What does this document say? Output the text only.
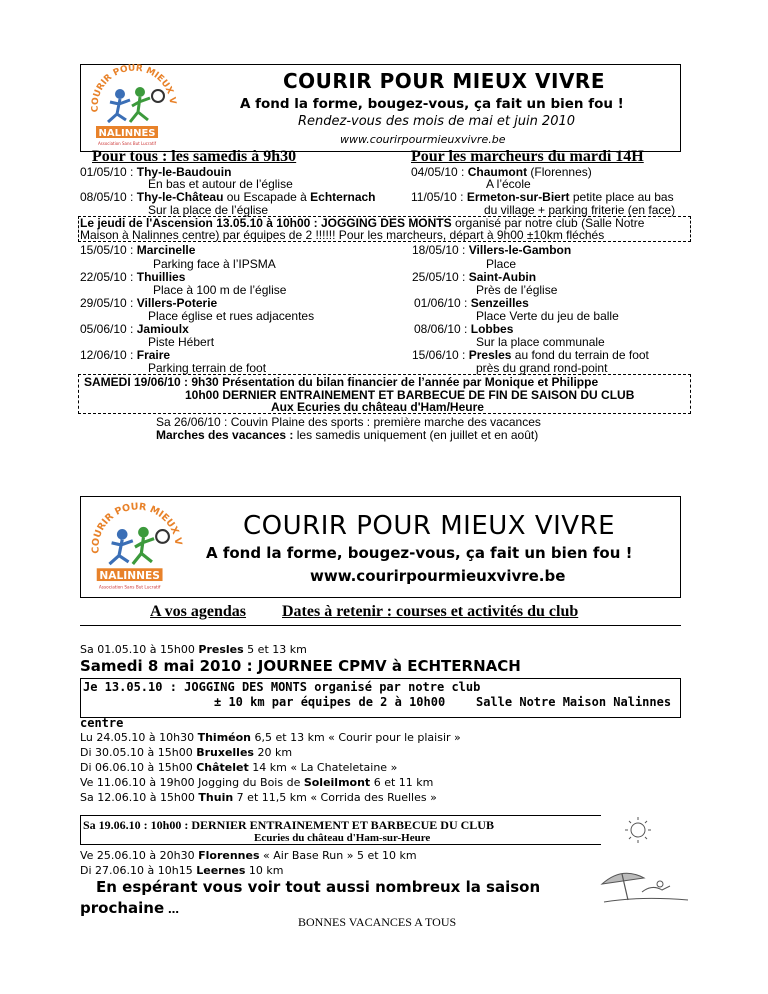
COURIR POUR MIEUX V
NALINNES
Association Sans But Lucratif
COURIR POUR MIEUX VIVRE
A fond la forme, bougez-vous, ça fait un bien fou !
Rendez-vous des mois de mai et juin 2010
www.courirpourmieuxvivre.be
Pour tous : les samedis à 9h30	Pour les marcheurs du mardi 14H
01/05/10 : Thy-le-Baudouin
En bas et autour de l’église
08/05/10 : Thy-le-Château ou Escapade à Echternach
Sur la place de l’église
04/05/10 : Chaumont (Florennes)
A l’école
11/05/10 : Ermeton-sur-Biert petite place au bas
du village + parking friterie (en face)
Le jeudi de l'Ascension 13.05.10 à 10h00 : JOGGING DES MONTS organisé par notre club (Salle Notre
Maison à Nalinnes centre) par équipes de 2 !!!!!! Pour les marcheurs, départ à 9h00 ±10km fléchés
15/05/10 : Marcinelle
Parking face à l’IPSMA
22/05/10 : Thuillies
Place à 100 m de l’église
29/05/10 : Villers-Poterie
Place église et rues adjacentes
05/06/10 : Jamioulx
Piste Hébert
12/06/10 : Fraire
Parking terrain de foot
18/05/10 : Villers-le-Gambon
Place
25/05/10 : Saint-Aubin
Près de l’église
01/06/10 : Senzeilles
Place Verte du jeu de balle
08/06/10 : Lobbes
Sur la place communale
15/06/10 : Presles au fond du terrain de foot
près du grand rond-point
SAMEDI 19/06/10 : 9h30 Présentation du bilan financier de l’année par Monique et Philippe
10h00 DERNIER ENTRAINEMENT ET BARBECUE DE FIN DE SAISON DU CLUB
Aux Ecuries du château d'Ham/Heure
Sa 26/06/10 : Couvin Plaine des sports : première marche des vacances
Marches des vacances : les samedis uniquement (en juillet et en août)
COURIR POUR MIEUX V
NALINNES
Association Sans But Lucratif
COURIR POUR MIEUX VIVRE
A fond la forme, bougez-vous, ça fait un bien fou !
www.courirpourmieuxvivre.be
A vos agendas Dates à retenir : courses et activités du club
Sa 01.05.10 à 15h00 Presles 5 et 13 km
Samedi 8 mai 2010 : JOURNEE CPMV à ECHTERNACH
Je 13.05.10 : JOGGING DES MONTS organisé par notre club
± 10 km par équipes de 2 à 10h00	Salle Notre Maison Nalinnes
centre
Lu 24.05.10 à 10h30 Thiméon 6,5 et 13 km « Courir pour le plaisir »
Di 30.05.10 à 15h00 Bruxelles 20 km
Di 06.06.10 à 15h00 Châtelet 14 km « La Chateletaine »
Ve 11.06.10 à 19h00 Jogging du Bois de Soleilmont 6 et 11 km
Sa 12.06.10 à 15h00 Thuin 7 et 11,5 km « Corrida des Ruelles »
Sa 19.06.10 : 10h00 : DERNIER ENTRAINEMENT ET BARBECUE DU CLUB
Ecuries du château d'Ham-sur-Heure
Ve 25.06.10 à 20h30 Florennes « Air Base Run » 5 et 10 km
Di 27.06.10 à 10h15 Leernes 10 km
En espérant vous voir tout aussi nombreux la saison
prochaine …
BONNES VACANCES A TOUS
